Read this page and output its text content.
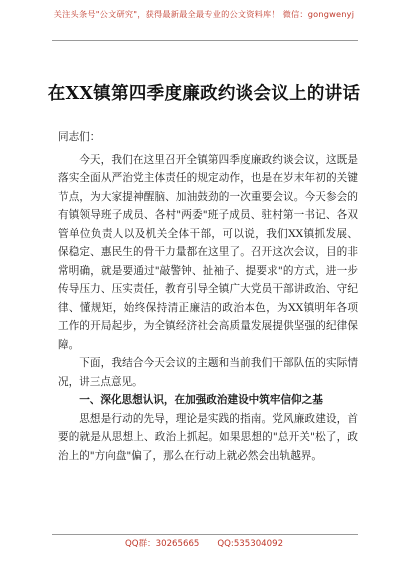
关注头条号"公文研究"，获得最新最全最专业的公文资料库！ 微信：gongwenyj
在XX镇第四季度廉政约谈会议上的讲话

同志们：

今天，我们在这里召开全镇第四季度廉政约谈会议，这既是落实全面从严治党主体责任的规定动作，也是在岁末年初的关键节点，为大家提神醒脑、加油鼓劲的一次重要会议。今天参会的有镇领导班子成员、各村"两委"班子成员、驻村第一书记、各双管单位负责人以及机关全体干部，可以说，我们XX镇抓发展、保稳定、惠民生的骨干力量都在这里了。召开这次会议，目的非常明确，就是要通过"敲警钟、扯袖子、提要求"的方式，进一步传导压力、压实责任，教育引导全镇广大党员干部讲政治、守纪律、懂规矩，始终保持清正廉洁的政治本色，为XX镇明年各项工作的开局起步，为全镇经济社会高质量发展提供坚强的纪律保障。

下面，我结合今天会议的主题和当前我们干部队伍的实际情况，讲三点意见。

一、深化思想认识，在加强政治建设中筑牢信仰之基

思想是行动的先导，理论是实践的指南。党风廉政建设，首要的就是从思想上、政治上抓起。如果思想的"总开关"松了，政治上的"方向盘"偏了，那么在行动上就必然会出轨越界。

QQ群：30265665 QQ:535304092
